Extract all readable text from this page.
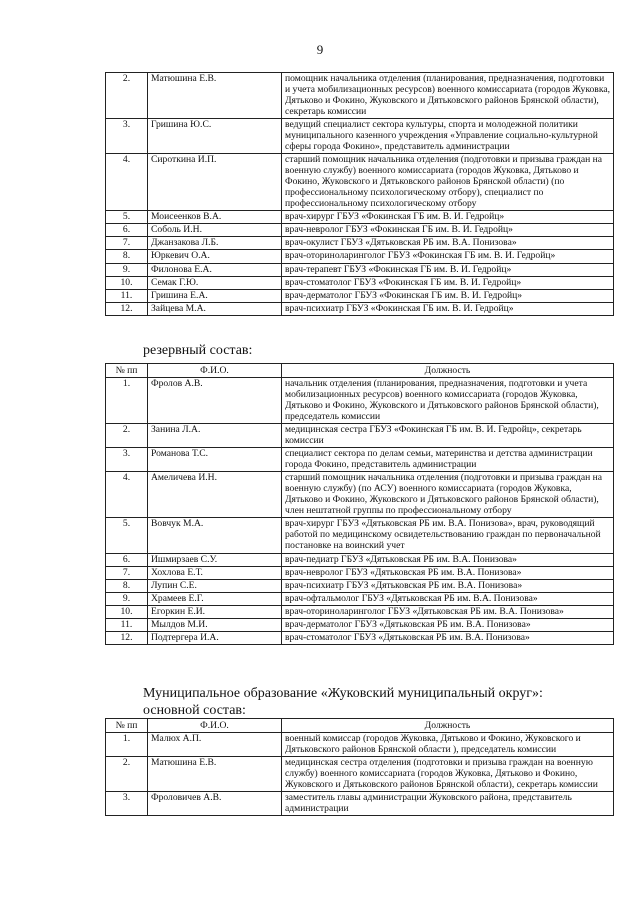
9
2.	Матюшина Е.В.	помощник начальника отделения (планирования, предназначения, подготовки и учета мобилизационных ресурсов) военного комиссариата (городов Жуковка, Дятьково и Фокино, Жуковского и Дятьковского районов Брянской области), секретарь комиссии
3.	Гришина Ю.С.	ведущий специалист сектора культуры, спорта и молодежной политики муниципального казенного учреждения «Управление социально-культурной сферы города Фокино», представитель администрации
4.	Сироткина И.П.	старший помощник начальника отделения (подготовки и призыва граждан на военную службу) военного комиссариата (городов Жуковка, Дятьково и Фокино, Жуковского и Дятьковского районов Брянской области) (по профессиональному психологическому отбору), специалист по профессиональному психологическому отбору
5.	Моисеенков В.А.	врач-хирург ГБУЗ «Фокинская ГБ им. В. И. Гедройц»
6.	Соболь И.Н.	врач-невролог ГБУЗ «Фокинская ГБ им. В. И. Гедройц»
7.	Джанзакова Л.Б.	врач-окулист ГБУЗ «Дятьковская РБ им. В.А. Понизова»
8.	Юркевич О.А.	врач-оториноларинголог ГБУЗ «Фокинская ГБ им. В. И. Гедройц»
9.	Филонова Е.А.	врач-терапевт ГБУЗ «Фокинская ГБ им. В. И. Гедройц»
10.	Семак Г.Ю.	врач-стоматолог ГБУЗ «Фокинская ГБ им. В. И. Гедройц»
11.	Гришина Е.А.	врач-дерматолог ГБУЗ «Фокинская ГБ им. В. И. Гедройц»
12.	Зайцева М.А.	врач-психиатр ГБУЗ «Фокинская ГБ им. В. И. Гедройц»
резервный состав:
№ пп	Ф.И.О.	Должность
1.	Фролов А.В.	начальник отделения (планирования, предназначения, подготовки и учета мобилизационных ресурсов) военного комиссариата (городов Жуковка, Дятьково и Фокино, Жуковского и Дятьковского районов Брянской области), председатель комиссии
2.	Занина Л.А.	медицинская сестра ГБУЗ «Фокинская ГБ им. В. И. Гедройц», секретарь комиссии
3.	Романова Т.С.	специалист сектора по делам семьи, материнства и детства администрации города Фокино, представитель администрации
4.	Амеличева И.Н.	старший помощник начальника отделения (подготовки и призыва граждан на военную службу) (по АСУ) военного комиссариата (городов Жуковка, Дятьково и Фокино, Жуковского и Дятьковского районов Брянской области), член нештатной группы по профессиональному отбору
5.	Вовчук М.А.	врач-хирург ГБУЗ «Дятьковская РБ им. В.А. Понизова», врач, руководящий работой по медицинскому освидетельствованию граждан по первоначальной постановке на воинский учет
6.	Ишмирзаев С.У.	врач-педиатр ГБУЗ «Дятьковская РБ им. В.А. Понизова»
7.	Хохлова Е.Т.	врач-невролог ГБУЗ «Дятьковская РБ им. В.А. Понизова»
8.	Лупин С.Е.	врач-психиатр ГБУЗ «Дятьковская РБ им. В.А. Понизова»
9.	Храмеев Е.Г.	врач-офтальмолог ГБУЗ «Дятьковская РБ им. В.А. Понизова»
10.	Егоркин Е.И.	врач-оториноларинголог ГБУЗ «Дятьковская РБ им. В.А. Понизова»
11.	Мылдов М.И.	врач-дерматолог ГБУЗ «Дятьковская РБ им. В.А. Понизова»
12.	Подтергера И.А.	врач-стоматолог ГБУЗ «Дятьковская РБ им. В.А. Понизова»
Муниципальное образование «Жуковский муниципальный округ»:
основной состав:
№ пп	Ф.И.О.	Должность
1.	Малюх А.П.	военный комиссар (городов Жуковка, Дятьково и Фокино, Жуковского и Дятьковского районов Брянской области ), председатель комиссии
2.	Матюшина Е.В.	медицинская сестра отделения (подготовки и призыва граждан на военную службу) военного комиссариата (городов Жуковка, Дятьково и Фокино, Жуковского и Дятьковского районов Брянской области), секретарь комиссии
3.	Фроловичев А.В.	заместитель главы администрации Жуковского района, представитель администрации
